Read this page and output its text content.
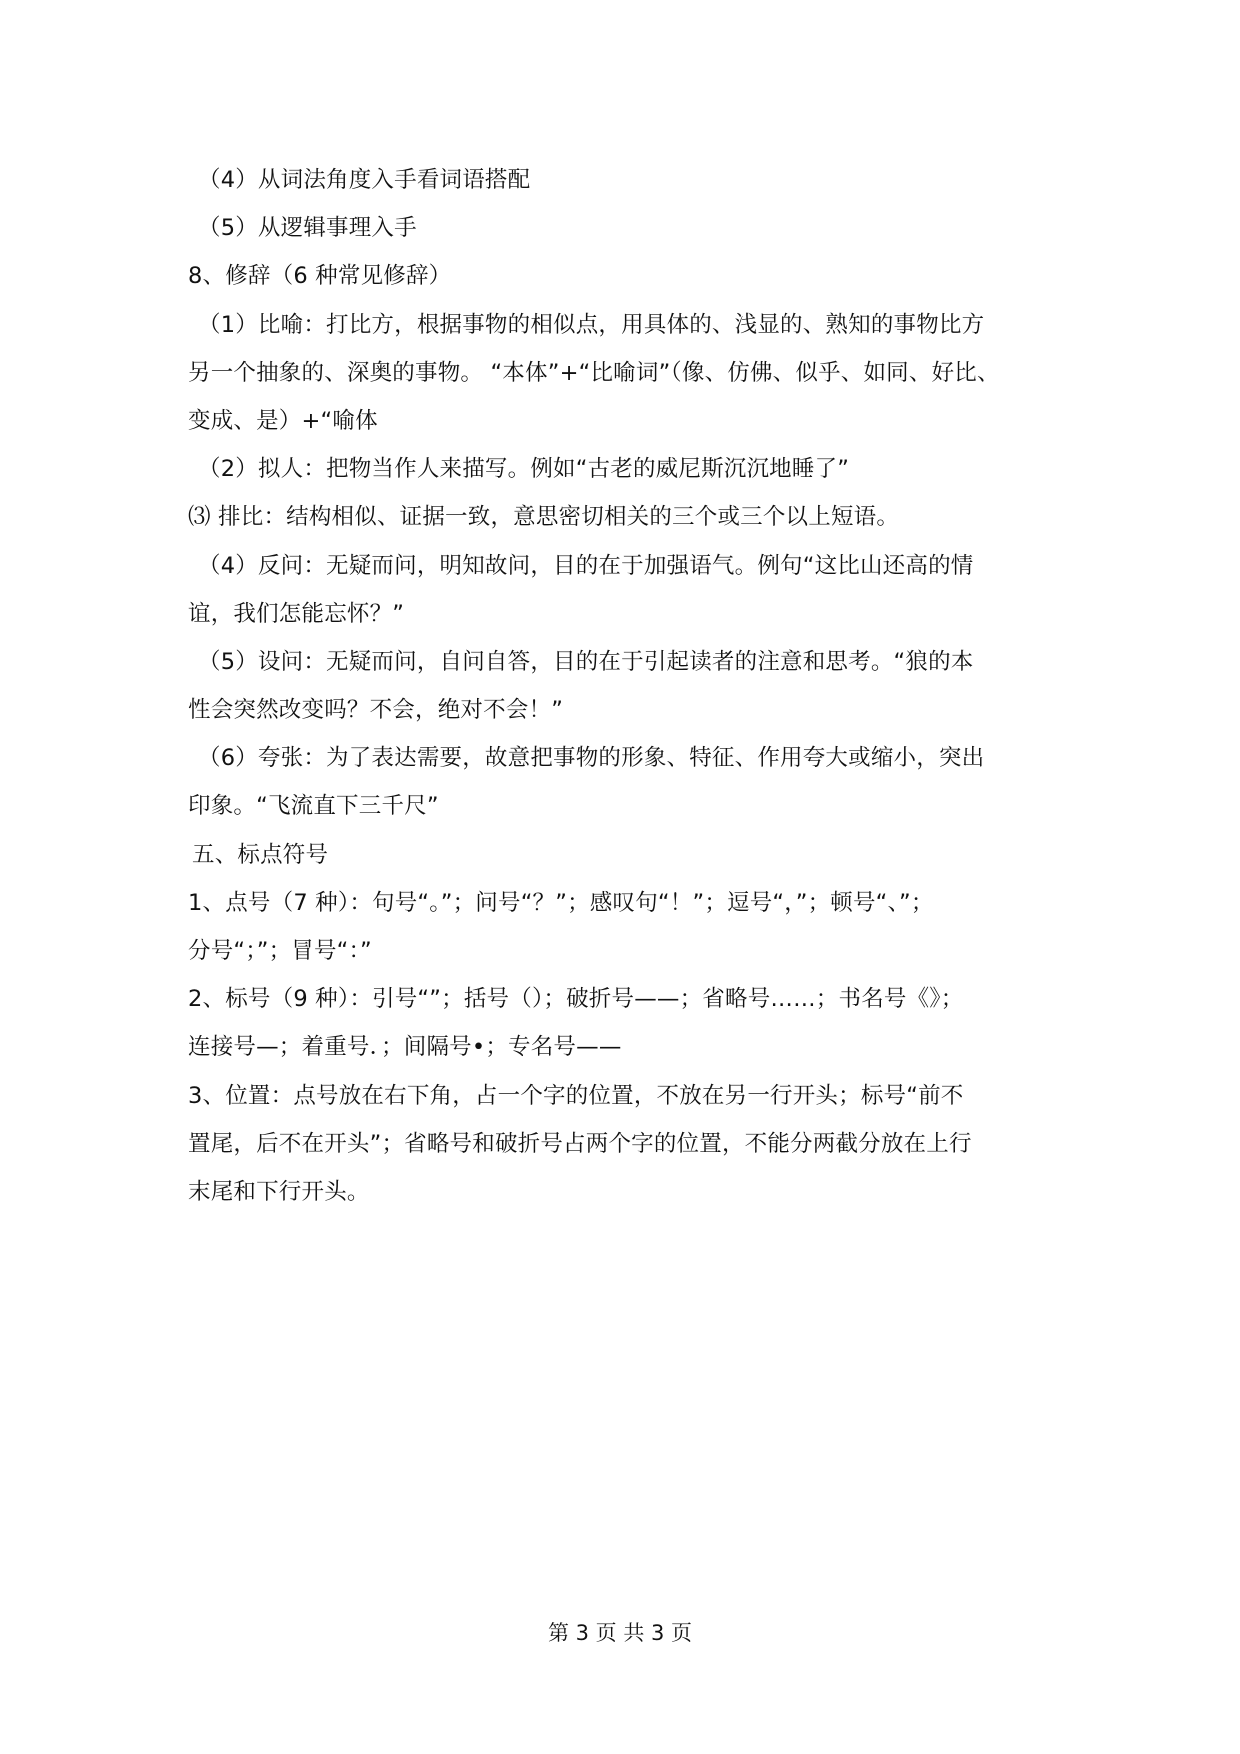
（4）从词法角度入手看词语搭配
（5）从逻辑事理入手
8、修辞（6 种常见修辞）
（1）比喻：打比方，根据事物的相似点，用具体的、浅显的、熟知的事物比方
另一个抽象的、深奥的事物。 “本体”+“比喻词”（像、仿佛、似乎、如同、好比、
变成、是）+“喻体
（2）拟人：把物当作人来描写。例如“古老的威尼斯沉沉地睡了”
⑶ 排比：结构相似、证据一致，意思密切相关的三个或三个以上短语。
（4）反问：无疑而问，明知故问，目的在于加强语气。例句“这比山还高的情
谊，我们怎能忘怀？”
（5）设问：无疑而问，自问自答，目的在于引起读者的注意和思考。“狼的本
性会突然改变吗？不会，绝对不会！”
（6）夸张：为了表达需要，故意把事物的形象、特征、作用夸大或缩小，突出
印象。“飞流直下三千尺”
五、标点符号
1、点号（7 种）：句号“。”；问号“？”；感叹句“！”；逗号“，”；顿号“、”；
分号“；”；冒号“：”
2、标号（9 种）：引号“”；括号（）；破折号——；省略号……；书名号《》；
连接号—；着重号．；间隔号•；专名号——
3、位置：点号放在右下角，占一个字的位置，不放在另一行开头；标号“前不
置尾，后不在开头”；省略号和破折号占两个字的位置，不能分两截分放在上行
末尾和下行开头。
第 3 页 共 3 页
